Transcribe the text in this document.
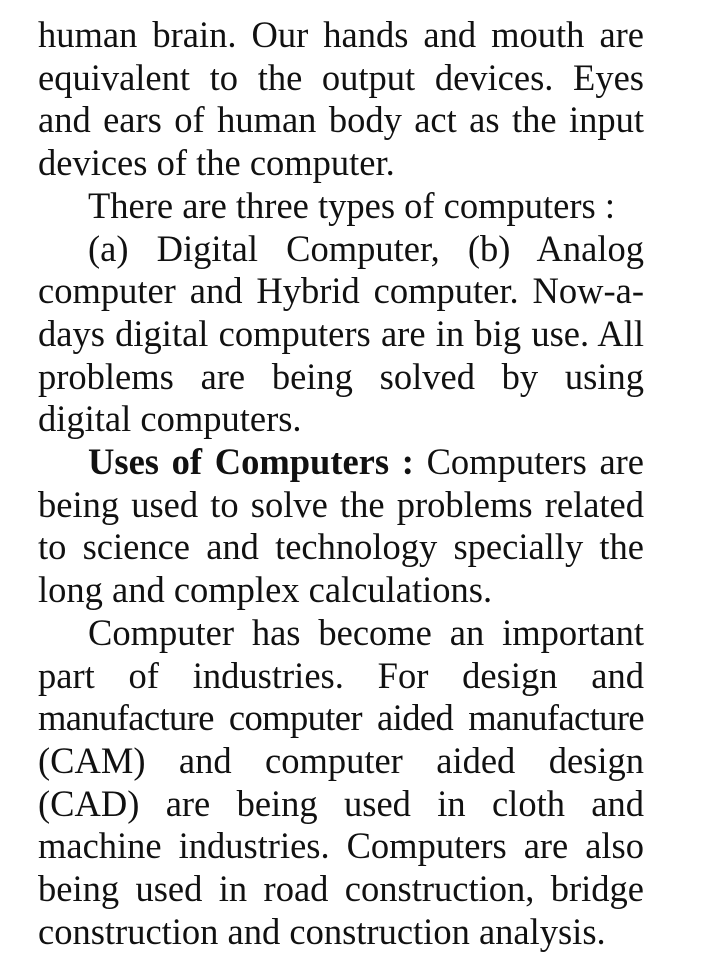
human brain. Our hands and mouth are
equivalent to the output devices. Eyes
and ears of human body act as the input
devices of the computer.
There are three types of computers :
(a) Digital Computer, (b) Analog
computer and Hybrid computer. Now-a-
days digital computers are in big use. All
problems are being solved by using
digital computers.
Uses of Computers : Computers are
being used to solve the problems related
to science and technology specially the
long and complex calculations.
Computer has become an important
part of industries. For design and
manufacture computer aided manufacture
(CAM) and computer aided design
(CAD) are being used in cloth and
machine industries. Computers are also
being used in road construction, bridge
construction and construction analysis.
